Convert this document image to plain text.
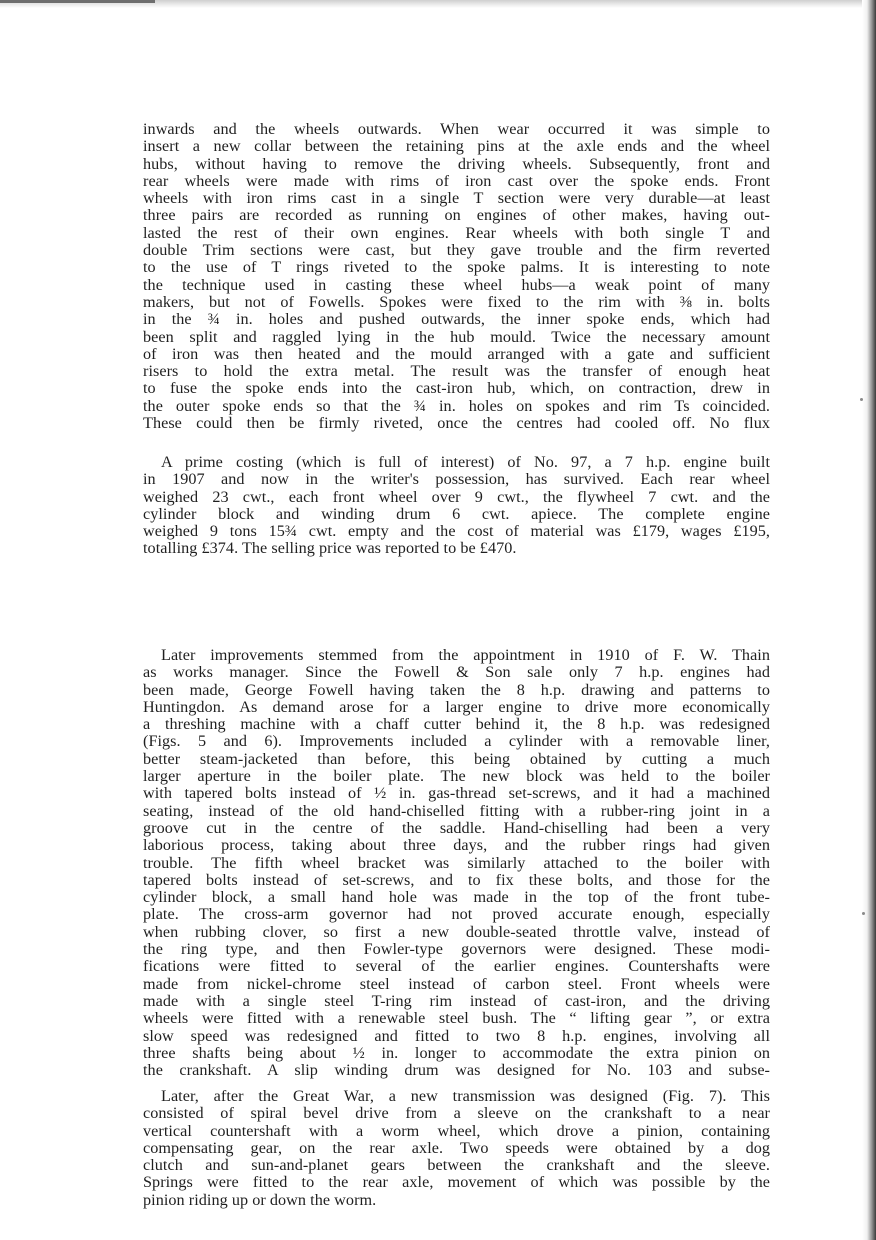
inwards and the wheels outwards. When wear occurred it was simple to
insert a new collar between the retaining pins at the axle ends and the wheel
hubs, without having to remove the driving wheels. Subsequently, front and
rear wheels were made with rims of iron cast over the spoke ends. Front
wheels with iron rims cast in a single T section were very durable—at least
three pairs are recorded as running on engines of other makes, having out-
lasted the rest of their own engines. Rear wheels with both single T and
double Trim sections were cast, but they gave trouble and the firm reverted
to the use of T rings riveted to the spoke palms. It is interesting to note
the technique used in casting these wheel hubs—a weak point of many
makers, but not of Fowells. Spokes were fixed to the rim with ⅜ in. bolts
in the ¾ in. holes and pushed outwards, the inner spoke ends, which had
been split and raggled lying in the hub mould. Twice the necessary amount
of iron was then heated and the mould arranged with a gate and sufficient
risers to hold the extra metal. The result was the transfer of enough heat
to fuse the spoke ends into the cast-iron hub, which, on contraction, drew in
the outer spoke ends so that the ¾ in. holes on spokes and rim Ts coincided.
These could then be firmly riveted, once the centres had cooled off. No flux
A prime costing (which is full of interest) of No. 97, a 7 h.p. engine built
in 1907 and now in the writer's possession, has survived. Each rear wheel
weighed 23 cwt., each front wheel over 9 cwt., the flywheel 7 cwt. and the
cylinder block and winding drum 6 cwt. apiece. The complete engine
weighed 9 tons 15¾ cwt. empty and the cost of material was £179, wages £195,
totalling £374. The selling price was reported to be £470.
Later improvements stemmed from the appointment in 1910 of F. W. Thain
as works manager. Since the Fowell & Son sale only 7 h.p. engines had
been made, George Fowell having taken the 8 h.p. drawing and patterns to
Huntingdon. As demand arose for a larger engine to drive more economically
a threshing machine with a chaff cutter behind it, the 8 h.p. was redesigned
(Figs. 5 and 6). Improvements included a cylinder with a removable liner,
better steam-jacketed than before, this being obtained by cutting a much
larger aperture in the boiler plate. The new block was held to the boiler
with tapered bolts instead of ½ in. gas-thread set-screws, and it had a machined
seating, instead of the old hand-chiselled fitting with a rubber-ring joint in a
groove cut in the centre of the saddle. Hand-chiselling had been a very
laborious process, taking about three days, and the rubber rings had given
trouble. The fifth wheel bracket was similarly attached to the boiler with
tapered bolts instead of set-screws, and to fix these bolts, and those for the
cylinder block, a small hand hole was made in the top of the front tube-
plate. The cross-arm governor had not proved accurate enough, especially
when rubbing clover, so first a new double-seated throttle valve, instead of
the ring type, and then Fowler-type governors were designed. These modi-
fications were fitted to several of the earlier engines. Countershafts were
made from nickel-chrome steel instead of carbon steel. Front wheels were
made with a single steel T-ring rim instead of cast-iron, and the driving
wheels were fitted with a renewable steel bush. The “ lifting gear ”, or extra
slow speed was redesigned and fitted to two 8 h.p. engines, involving all
three shafts being about ½ in. longer to accommodate the extra pinion on
the crankshaft. A slip winding drum was designed for No. 103 and subse-
Later, after the Great War, a new transmission was designed (Fig. 7). This
consisted of spiral bevel drive from a sleeve on the crankshaft to a near
vertical countershaft with a worm wheel, which drove a pinion, containing
compensating gear, on the rear axle. Two speeds were obtained by a dog
clutch and sun-and-planet gears between the crankshaft and the sleeve.
Springs were fitted to the rear axle, movement of which was possible by the
pinion riding up or down the worm.
